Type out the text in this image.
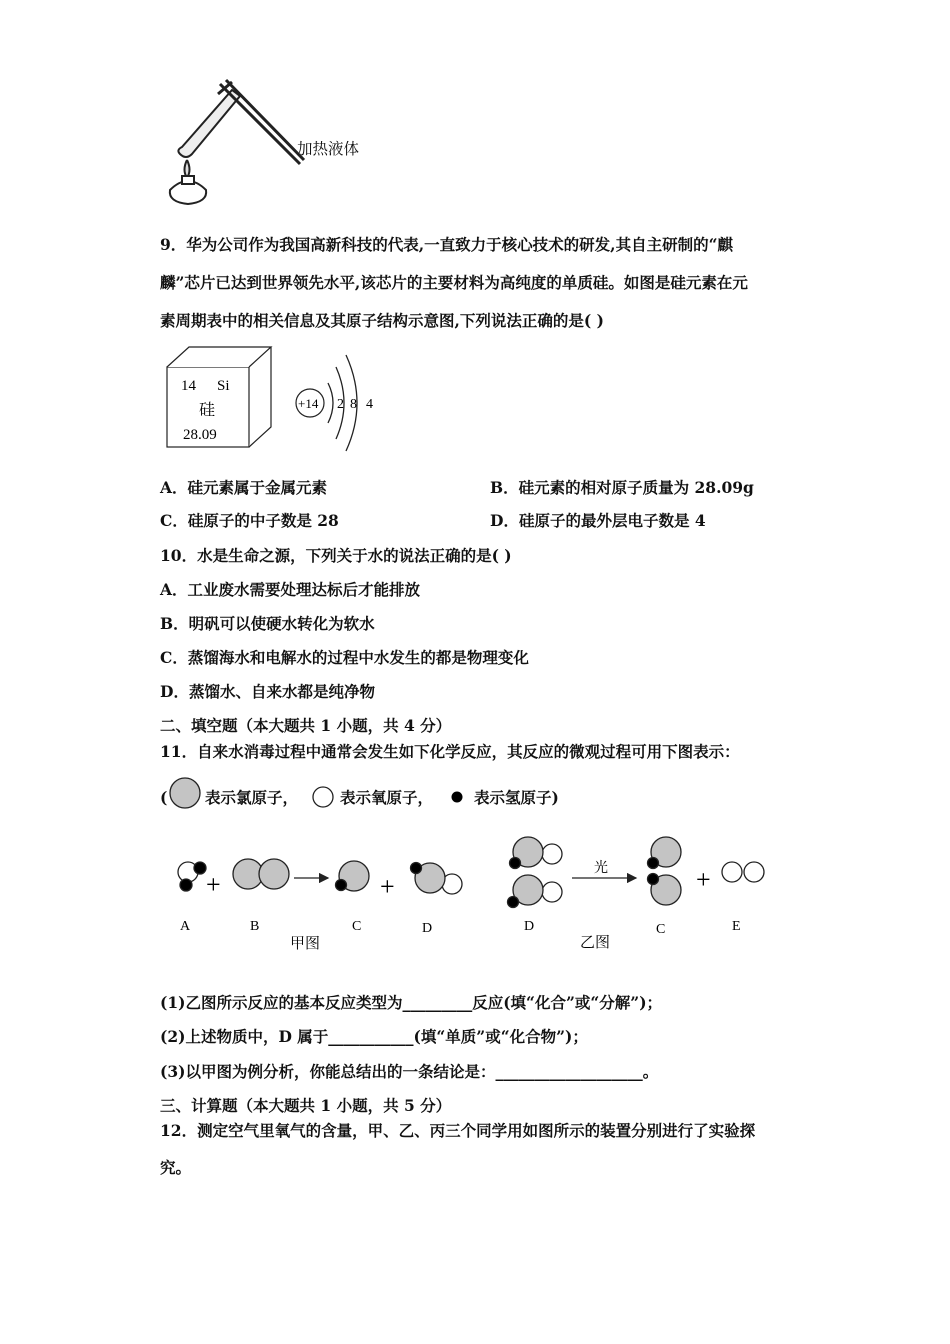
加热液体
9．华为公司作为我国高新科技的代表,一直致力于核心技术的研发,其自主研制的“麒
麟”芯片已达到世界领先水平,该芯片的主要材料为高纯度的单质硅。如图是硅元素在元
素周期表中的相关信息及其原子结构示意图,下列说法正确的是( )
14 Si
硅
28.09
+14 2 8 4
A．硅元素属于金属元素	B．硅元素的相对原子质量为 28.09g
C．硅原子的中子数是 28	D．硅原子的最外层电子数是 4
10．水是生命之源，下列关于水的说法正确的是( )
A．工业废水需要处理达标后才能排放
B．明矾可以使硬水转化为软水
C．蒸馏海水和电解水的过程中水发生的都是物理变化
D．蒸馏水、自来水都是纯净物
二、填空题（本大题共 1 小题，共 4 分）
11．自来水消毒过程中通常会发生如下化学反应，其反应的微观过程可用下图表示：
( 表示氯原子，	表示氧原子，	表示氢原子)
+	+
A	B	C	D
甲图
光	+
D	C	E
乙图
(1)乙图所示反应的基本反应类型为_________反应(填“化合”或“分解”)；
(2)上述物质中，D 属于___________(填“单质”或“化合物”)；
(3)以甲图为例分析，你能总结出的一条结论是：___________________。
三、计算题（本大题共 1 小题，共 5 分）
12．测定空气里氧气的含量，甲、乙、丙三个同学用如图所示的装置分别进行了实验探
究。
